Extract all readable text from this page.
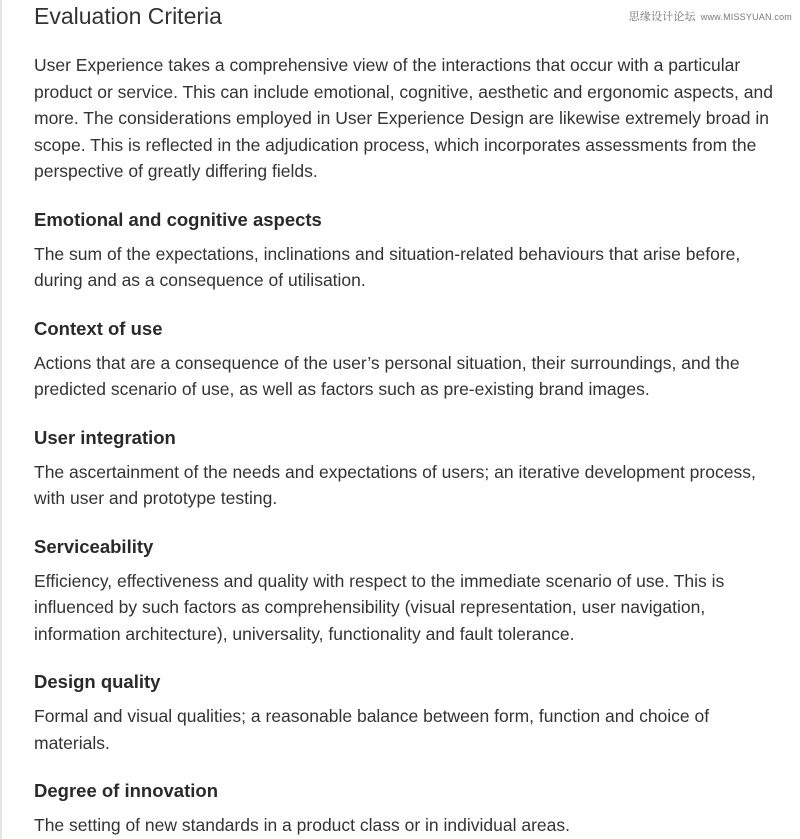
思缘设计论坛 www.MISSYUAN.com
Evaluation Criteria

User Experience takes a comprehensive view of the interactions that occur with a particular product or service. This can include emotional, cognitive, aesthetic and ergonomic aspects, and more. The considerations employed in User Experience Design are likewise extremely broad in scope. This is reflected in the adjudication process, which incorporates assessments from the perspective of greatly differing fields.

Emotional and cognitive aspects

The sum of the expectations, inclinations and situation-related behaviours that arise before, during and as a consequence of utilisation.

Context of use

Actions that are a consequence of the user’s personal situation, their surroundings, and the predicted scenario of use, as well as factors such as pre-existing brand images.

User integration

The ascertainment of the needs and expectations of users; an iterative development process, with user and prototype testing.

Serviceability

Efficiency, effectiveness and quality with respect to the immediate scenario of use. This is influenced by such factors as comprehensibility (visual representation, user navigation, information architecture), universality, functionality and fault tolerance.

Design quality

Formal and visual qualities; a reasonable balance between form, function and choice of materials.

Degree of innovation

The setting of new standards in a product class or in individual areas.
